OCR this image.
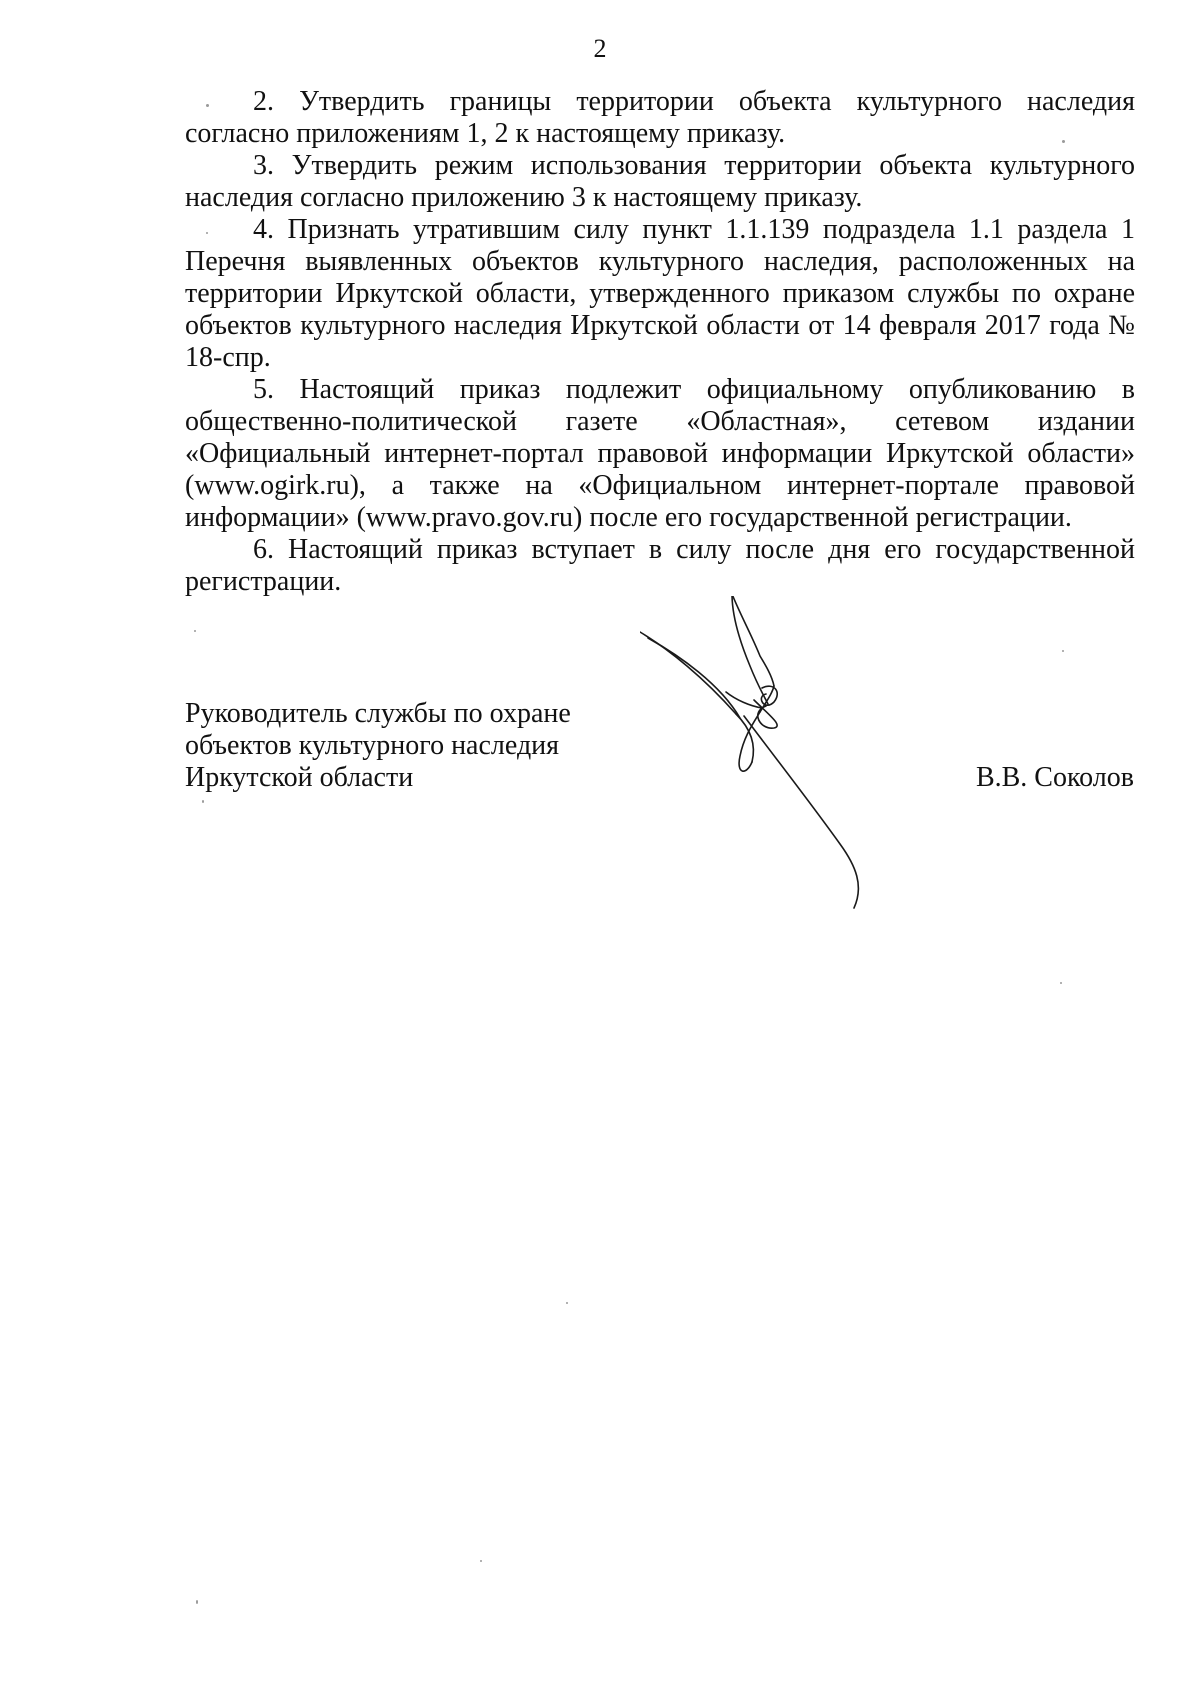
2

2. Утвердить границы территории объекта культурного наследия согласно приложениям 1, 2 к настоящему приказу.

3. Утвердить режим использования территории объекта культурного наследия согласно приложению 3 к настоящему приказу.

4. Признать утратившим силу пункт 1.1.139 подраздела 1.1 раздела 1 Перечня выявленных объектов культурного наследия, расположенных на территории Иркутской области, утвержденного приказом службы по охране объектов культурного наследия Иркутской области от 14 февраля 2017 года № 18-спр.

5. Настоящий приказ подлежит официальному опубликованию в общественно-политической газете «Областная», сетевом издании «Официальный интернет-портал правовой информации Иркутской области» (www.ogirk.ru), а также на «Официальном интернет-портале правовой информации» (www.pravo.gov.ru) после его государственной регистрации.

6. Настоящий приказ вступает в силу после дня его государственной регистрации.

Руководитель службы по охране
объектов культурного наследия
Иркутской области	В.В. Соколов
